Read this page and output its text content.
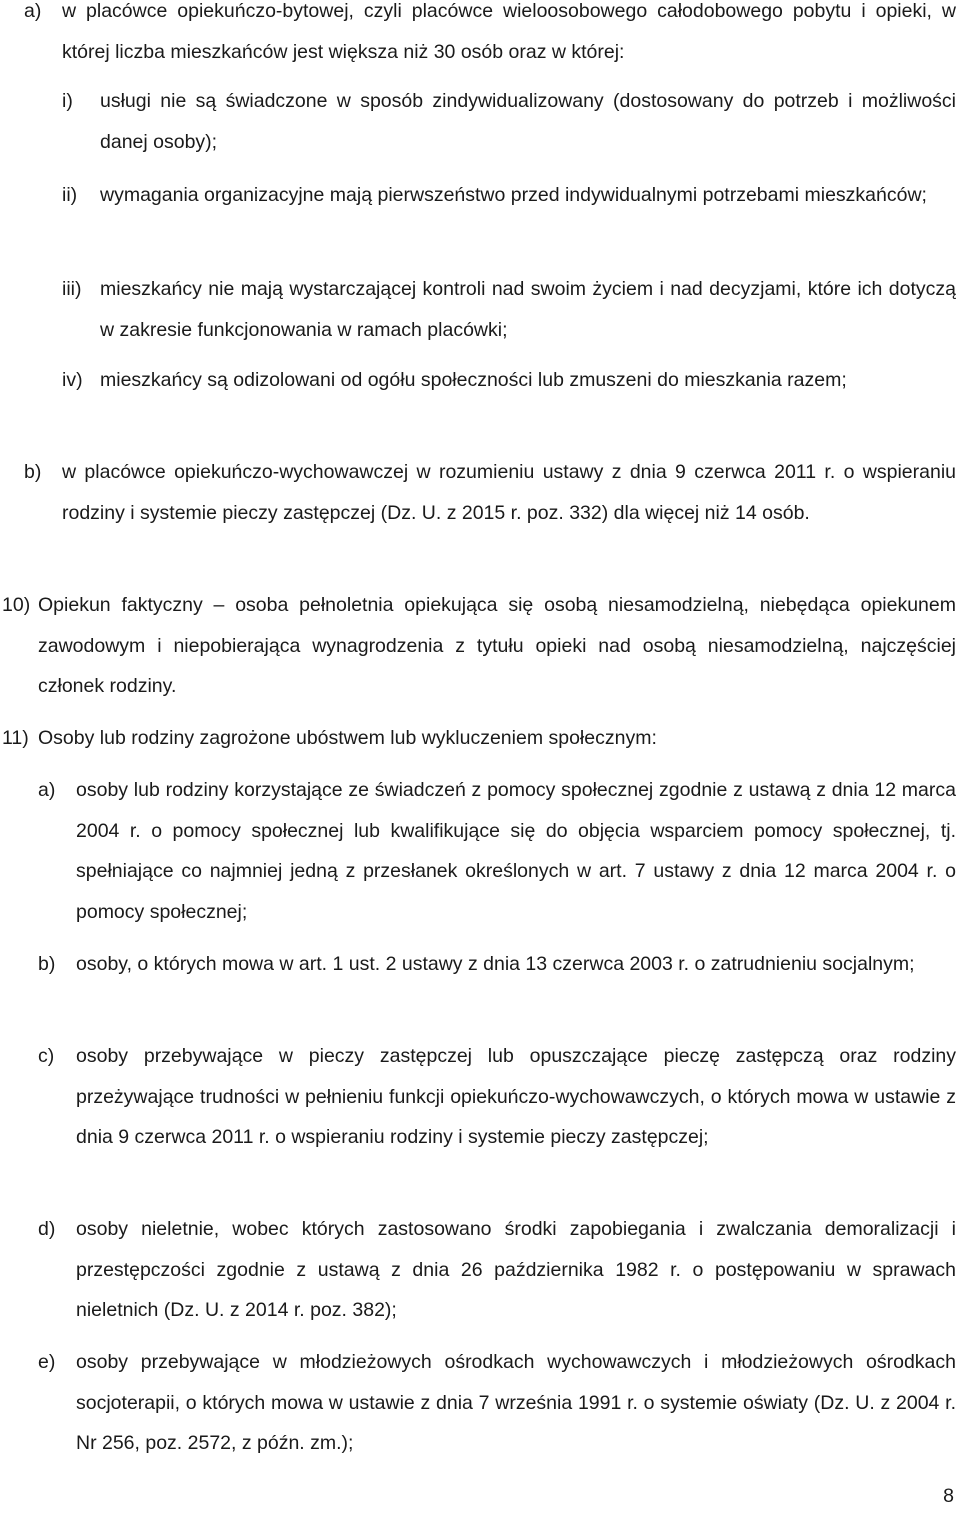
a) w placówce opiekuńczo-bytowej, czyli placówce wieloosobowego całodobowego pobytu i opieki, w której liczba mieszkańców jest większa niż 30 osób oraz w której:
i) usługi nie są świadczone w sposób zindywidualizowany (dostosowany do potrzeb i możliwości danej osoby);
ii) wymagania organizacyjne mają pierwszeństwo przed indywidualnymi potrzebami mieszkańców;
iii) mieszkańcy nie mają wystarczającej kontroli nad swoim życiem i nad decyzjami, które ich dotyczą w zakresie funkcjonowania w ramach placówki;
iv) mieszkańcy są odizolowani od ogółu społeczności lub zmuszeni do mieszkania razem;
b) w placówce opiekuńczo-wychowawczej w rozumieniu ustawy z dnia 9 czerwca 2011 r. o wspieraniu rodziny i systemie pieczy zastępczej (Dz. U. z 2015 r. poz. 332) dla więcej niż 14 osób.
10) Opiekun faktyczny – osoba pełnoletnia opiekująca się osobą niesamodzielną, niebędąca opiekunem zawodowym i niepobierająca wynagrodzenia z tytułu opieki nad osobą niesamodzielną, najczęściej członek rodziny.
11) Osoby lub rodziny zagrożone ubóstwem lub wykluczeniem społecznym:
a) osoby lub rodziny korzystające ze świadczeń z pomocy społecznej zgodnie z ustawą z dnia 12 marca 2004 r. o pomocy społecznej lub kwalifikujące się do objęcia wsparciem pomocy społecznej, tj. spełniające co najmniej jedną z przesłanek określonych w art. 7 ustawy z dnia 12 marca 2004 r. o pomocy społecznej;
b) osoby, o których mowa w art. 1 ust. 2 ustawy z dnia 13 czerwca 2003 r. o zatrudnieniu socjalnym;
c) osoby przebywające w pieczy zastępczej lub opuszczające pieczę zastępczą oraz rodziny przeżywające trudności w pełnieniu funkcji opiekuńczo-wychowawczych, o których mowa w ustawie z dnia 9 czerwca 2011 r. o wspieraniu rodziny i systemie pieczy zastępczej;
d) osoby nieletnie, wobec których zastosowano środki zapobiegania i zwalczania demoralizacji i przestępczości zgodnie z ustawą z dnia 26 października 1982 r. o postępowaniu w sprawach nieletnich (Dz. U. z 2014 r. poz. 382);
e) osoby przebywające w młodzieżowych ośrodkach wychowawczych i młodzieżowych ośrodkach socjoterapii, o których mowa w ustawie z dnia 7 września 1991 r. o systemie oświaty (Dz. U. z 2004 r. Nr 256, poz. 2572, z późn. zm.);
8
